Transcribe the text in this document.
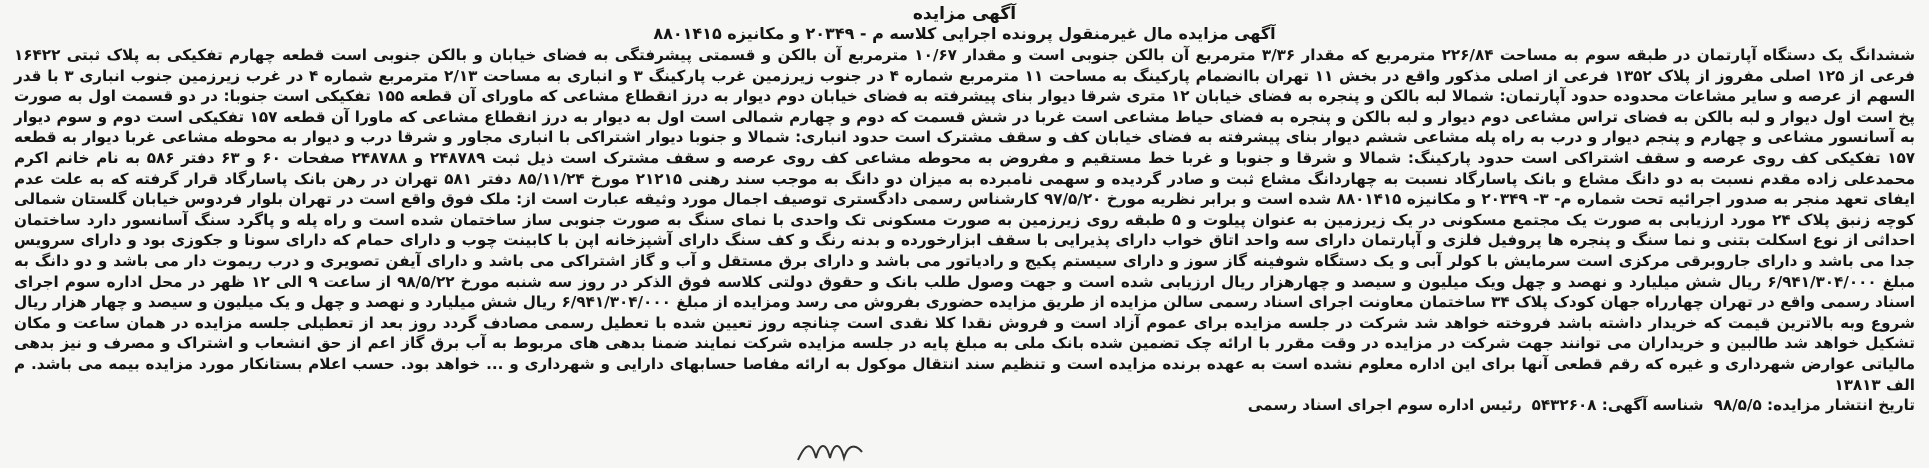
آگهی مزایده
آگهی مزایده مال غیرمنقول پرونده اجرایی کلاسه م - ۲۰۳۴۹ و مکانیزه ۸۸۰۱۴۱۵

ششدانگ یک دستگاه آپارتمان در طبقه سوم به مساحت ۲۲۶/۸۴ مترمربع که مقدار ۳/۳۶ مترمربع آن بالکن جنوبی است و مقدار ۱۰/۶۷ مترمربع آن بالکن و قسمتی پیشرفتگی به فضای خیابان و بالکن جنوبی است قطعه چهارم تفکیکی به پلاک ثبتی ۱۶۴۲۲ فرعی از ۱۲۵ اصلی مفروز از پلاک ۱۳۵۲ فرعی از اصلی مذکور واقع در بخش ۱۱ تهران باانضمام پارکینگ به مساحت ۱۱ مترمربع شماره ۴ در جنوب زیرزمین غرب پارکینگ ۳ و انباری به مساحت ۲/۱۳ مترمربع شماره ۴ در غرب زیرزمین جنوب انباری ۳ با قدر السهم از عرصه و سایر مشاعات محدوده حدود آپارتمان: شمالا لبه بالکن و پنجره به فضای خیابان ۱۲ متری شرقا دیوار بنای پیشرفته به فضای خیابان دوم دیوار به درز انقطاع مشاعی که ماورای آن قطعه ۱۵۵ تفکیکی است جنوبا: در دو قسمت اول به صورت پخ است اول دیوار و لبه بالکن به فضای تراس مشاعی دوم دیوار و لبه بالکن و پنجره به فضای حیاط مشاعی است غربا در شش قسمت که دوم و چهارم شمالی است اول به دیوار به درز انقطاع مشاعی که ماورا آن قطعه ۱۵۷ تفکیکی است دوم و سوم دیوار به آسانسور مشاعی و چهارم و پنجم دیوار و درب به راه پله مشاعی ششم دیوار بنای پیشرفته به فضای خیابان کف و سقف مشترک است حدود انباری: شمالا و جنوبا دیوار اشتراکی با انباری مجاور و شرقا درب و دیوار به محوطه مشاعی غربا دیوار به قطعه ۱۵۷ تفکیکی کف روی عرصه و سقف اشتراکی است حدود پارکینگ: شمالا و شرقا و جنوبا و غربا خط مستقیم و مفروض به محوطه مشاعی کف روی عرصه و سقف مشترک است ذیل ثبت ۲۴۸۷۸۹ و ۲۴۸۷۸۸ صفحات ۶۰ و ۶۳ دفتر ۵۸۶ به نام خانم اکرم محمدعلی زاده مقدم نسبت به دو دانگ مشاع و بانک پاسارگاد نسبت به چهاردانگ مشاع ثبت و صادر گردیده و سهمی نامبرده به میزان دو دانگ به موجب سند رهنی ۲۱۲۱۵ مورخ ۸۵/۱۱/۲۴ دفتر ۵۸۱ تهران در رهن بانک پاسارگاد قرار گرفته که به علت عدم ایفای تعهد منجر به صدور اجرائیه تحت شماره م- ۳- ۲۰۳۴۹ و مکانیزه ۸۸۰۱۴۱۵ شده است و برابر نظریه مورخ ۹۷/۵/۲۰ کارشناس رسمی دادگستری توصیف اجمال مورد وثیقه عبارت است از: ملک فوق واقع است در تهران بلوار فردوس خیابان گلستان شمالی کوچه زنبق پلاک ۲۴ مورد ارزیابی به صورت یک مجتمع مسکونی در یک زیرزمین به عنوان پیلوت و ۵ طبقه روی زیرزمین به صورت مسکونی تک واحدی با نمای سنگ به صورت جنوبی ساز ساختمان شده است و راه پله و پاگرد سنگ آسانسور دارد ساختمان احداثی از نوع اسکلت بتنی و نما سنگ و پنجره ها پروفیل فلزی و آپارتمان دارای سه واحد اتاق خواب دارای پذیرایی با سقف ابزارخورده و بدنه رنگ و کف سنگ دارای آشپزخانه اپن با کابینت چوب و دارای حمام که دارای سونا و جکوزی بود و دارای سرویس جدا می باشد و دارای جاروبرقی مرکزی است سرمایش با کولر آبی و یک دستگاه شوفینه گاز سوز و دارای سیستم پکیج و رادیاتور می باشد و دارای برق مستقل و آب و گاز اشتراکی می باشد و دارای آیفن تصویری و درب ریموت دار می باشد و دو دانگ به مبلغ ۶/۹۴۱/۳۰۴/۰۰۰ ریال شش میلیارد و نهصد و چهل ویک میلیون و سیصد و چهارهزار ریال ارزیابی شده است و جهت وصول طلب بانک و حقوق دولتی کلاسه فوق الذکر در روز سه شنبه مورخ ۹۸/۵/۲۲ از ساعت ۹ الی ۱۲ ظهر در محل اداره سوم اجرای اسناد رسمی واقع در تهران چهارراه جهان کودک پلاک ۳۴ ساختمان معاونت اجرای اسناد رسمی سالن مزایده از طریق مزایده حضوری بفروش می رسد ومزایده از مبلغ ۶/۹۴۱/۳۰۴/۰۰۰ ریال شش میلیارد و نهصد و چهل و یک میلیون و سیصد و چهار هزار ریال شروع وبه بالاترین قیمت که خریدار داشته باشد فروخته خواهد شد شرکت در جلسه مزایده برای عموم آزاد است و فروش نقدا کلا نقدی است چنانچه روز تعیین شده با تعطیل رسمی مصادف گردد روز بعد از تعطیلی جلسه مزایده در همان ساعت و مکان تشکیل خواهد شد طالبین و خریداران می توانند جهت شرکت در مزایده در وقت مقرر با ارائه چک تضمین شده بانک ملی به مبلغ پایه در جلسه مزایده شرکت نمایند ضمنا بدهی های مربوط به آب برق گاز اعم از حق انشعاب و اشتراک و مصرف و نیز بدهی مالیاتی عوارض شهرداری و غیره که رقم قطعی آنها برای این اداره معلوم نشده است به عهده برنده مزایده است و تنظیم سند انتقال موکول به ارائه مفاصا حسابهای دارایی و شهرداری و ... خواهد بود. حسب اعلام بستانکار مورد مزایده بیمه می باشد. م الف ۱۳۸۱۳

تاریخ انتشار مزایده: ۹۸/۵/۵
شناسه آگهی: ۵۴۳۲۶۰۸
رئیس اداره سوم اجرای اسناد رسمی
